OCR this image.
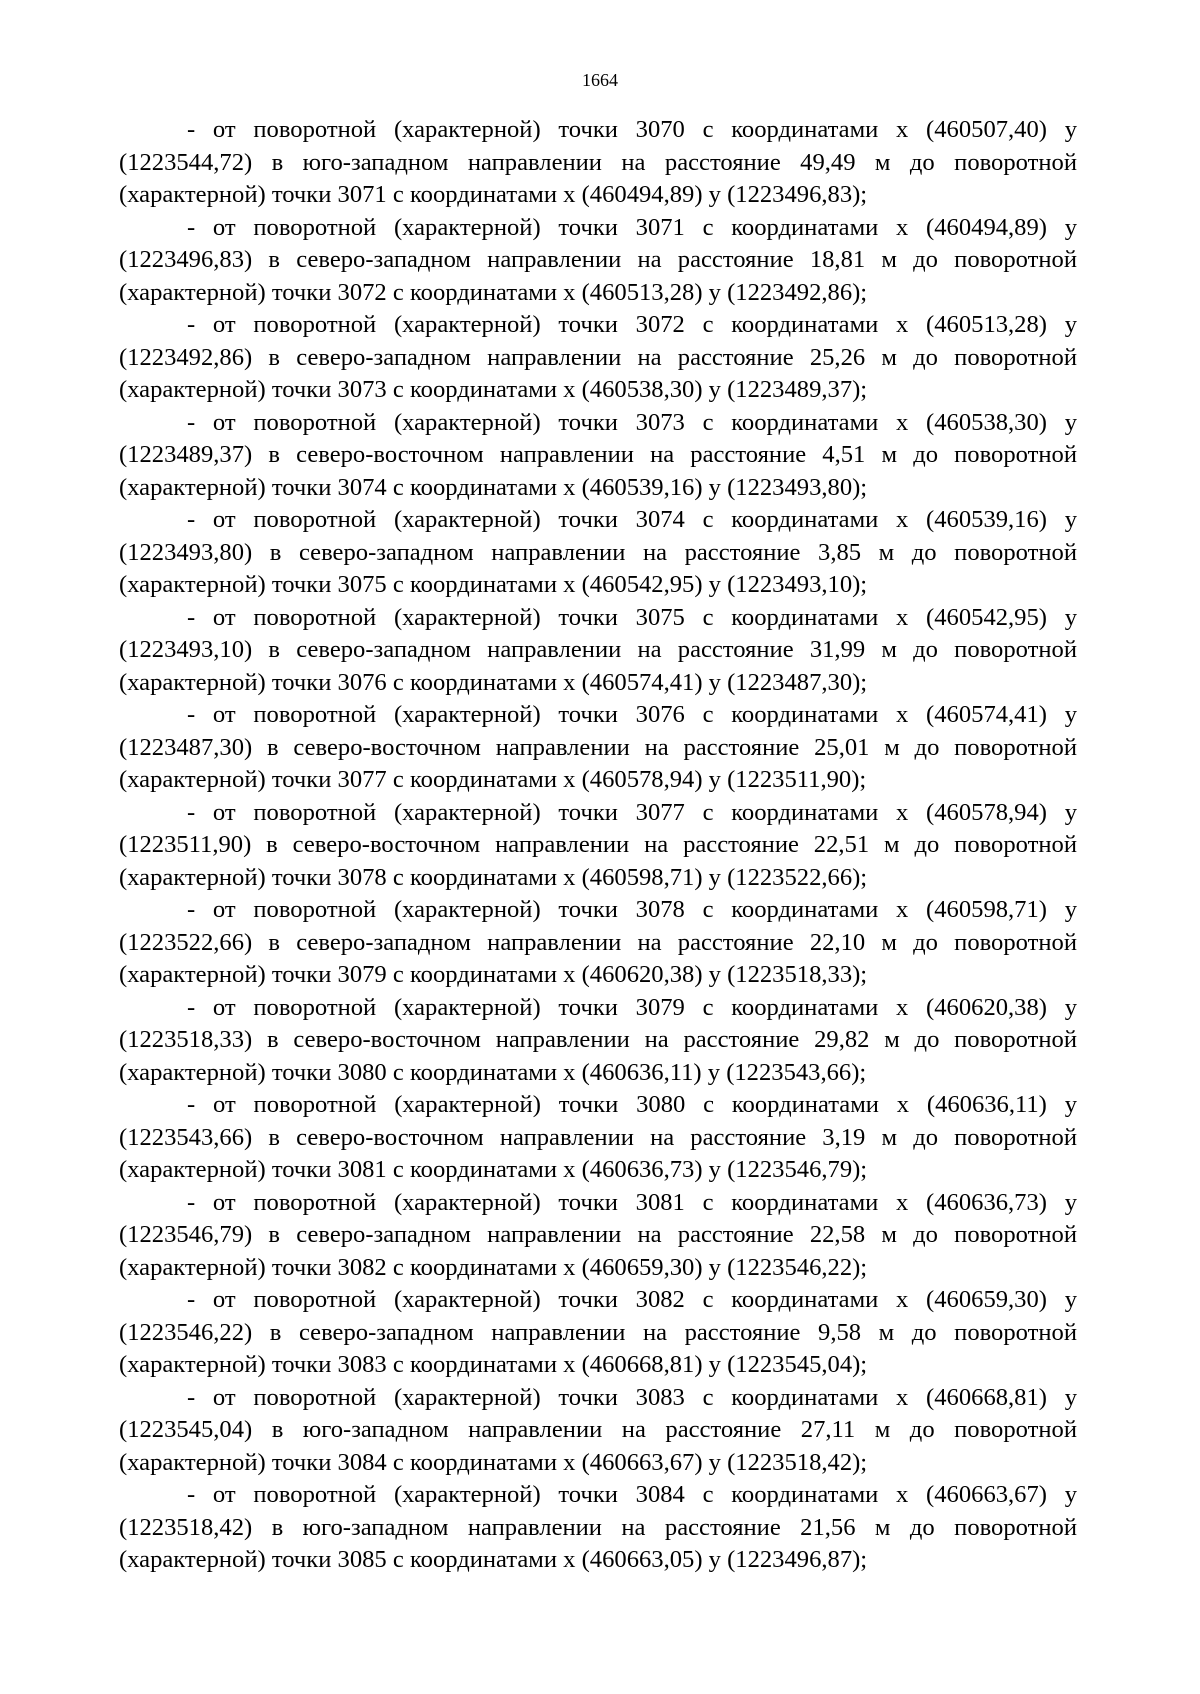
1664

- от поворотной (характерной) точки 3070 с координатами х (460507,40) у (1223544,72) в юго-западном направлении на расстояние 49,49 м до поворотной (характерной) точки 3071 с координатами х (460494,89) у (1223496,83);

- от поворотной (характерной) точки 3071 с координатами х (460494,89) у (1223496,83) в северо-западном направлении на расстояние 18,81 м до поворотной (характерной) точки 3072 с координатами х (460513,28) у (1223492,86);

- от поворотной (характерной) точки 3072 с координатами х (460513,28) у (1223492,86) в северо-западном направлении на расстояние 25,26 м до поворотной (характерной) точки 3073 с координатами х (460538,30) у (1223489,37);

- от поворотной (характерной) точки 3073 с координатами х (460538,30) у (1223489,37) в северо-восточном направлении на расстояние 4,51 м до поворотной (характерной) точки 3074 с координатами х (460539,16) у (1223493,80);

- от поворотной (характерной) точки 3074 с координатами х (460539,16) у (1223493,80) в северо-западном направлении на расстояние 3,85 м до поворотной (характерной) точки 3075 с координатами х (460542,95) у (1223493,10);

- от поворотной (характерной) точки 3075 с координатами х (460542,95) у (1223493,10) в северо-западном направлении на расстояние 31,99 м до поворотной (характерной) точки 3076 с координатами х (460574,41) у (1223487,30);

- от поворотной (характерной) точки 3076 с координатами х (460574,41) у (1223487,30) в северо-восточном направлении на расстояние 25,01 м до поворотной (характерной) точки 3077 с координатами х (460578,94) у (1223511,90);

- от поворотной (характерной) точки 3077 с координатами х (460578,94) у (1223511,90) в северо-восточном направлении на расстояние 22,51 м до поворотной (характерной) точки 3078 с координатами х (460598,71) у (1223522,66);

- от поворотной (характерной) точки 3078 с координатами х (460598,71) у (1223522,66) в северо-западном направлении на расстояние 22,10 м до поворотной (характерной) точки 3079 с координатами х (460620,38) у (1223518,33);

- от поворотной (характерной) точки 3079 с координатами х (460620,38) у (1223518,33) в северо-восточном направлении на расстояние 29,82 м до поворотной (характерной) точки 3080 с координатами х (460636,11) у (1223543,66);

- от поворотной (характерной) точки 3080 с координатами х (460636,11) у (1223543,66) в северо-восточном направлении на расстояние 3,19 м до поворотной (характерной) точки 3081 с координатами х (460636,73) у (1223546,79);

- от поворотной (характерной) точки 3081 с координатами х (460636,73) у (1223546,79) в северо-западном направлении на расстояние 22,58 м до поворотной (характерной) точки 3082 с координатами х (460659,30) у (1223546,22);

- от поворотной (характерной) точки 3082 с координатами х (460659,30) у (1223546,22) в северо-западном направлении на расстояние 9,58 м до поворотной (характерной) точки 3083 с координатами х (460668,81) у (1223545,04);

- от поворотной (характерной) точки 3083 с координатами х (460668,81) у (1223545,04) в юго-западном направлении на расстояние 27,11 м до поворотной (характерной) точки 3084 с координатами х (460663,67) у (1223518,42);

- от поворотной (характерной) точки 3084 с координатами х (460663,67) у (1223518,42) в юго-западном направлении на расстояние 21,56 м до поворотной (характерной) точки 3085 с координатами х (460663,05) у (1223496,87);
